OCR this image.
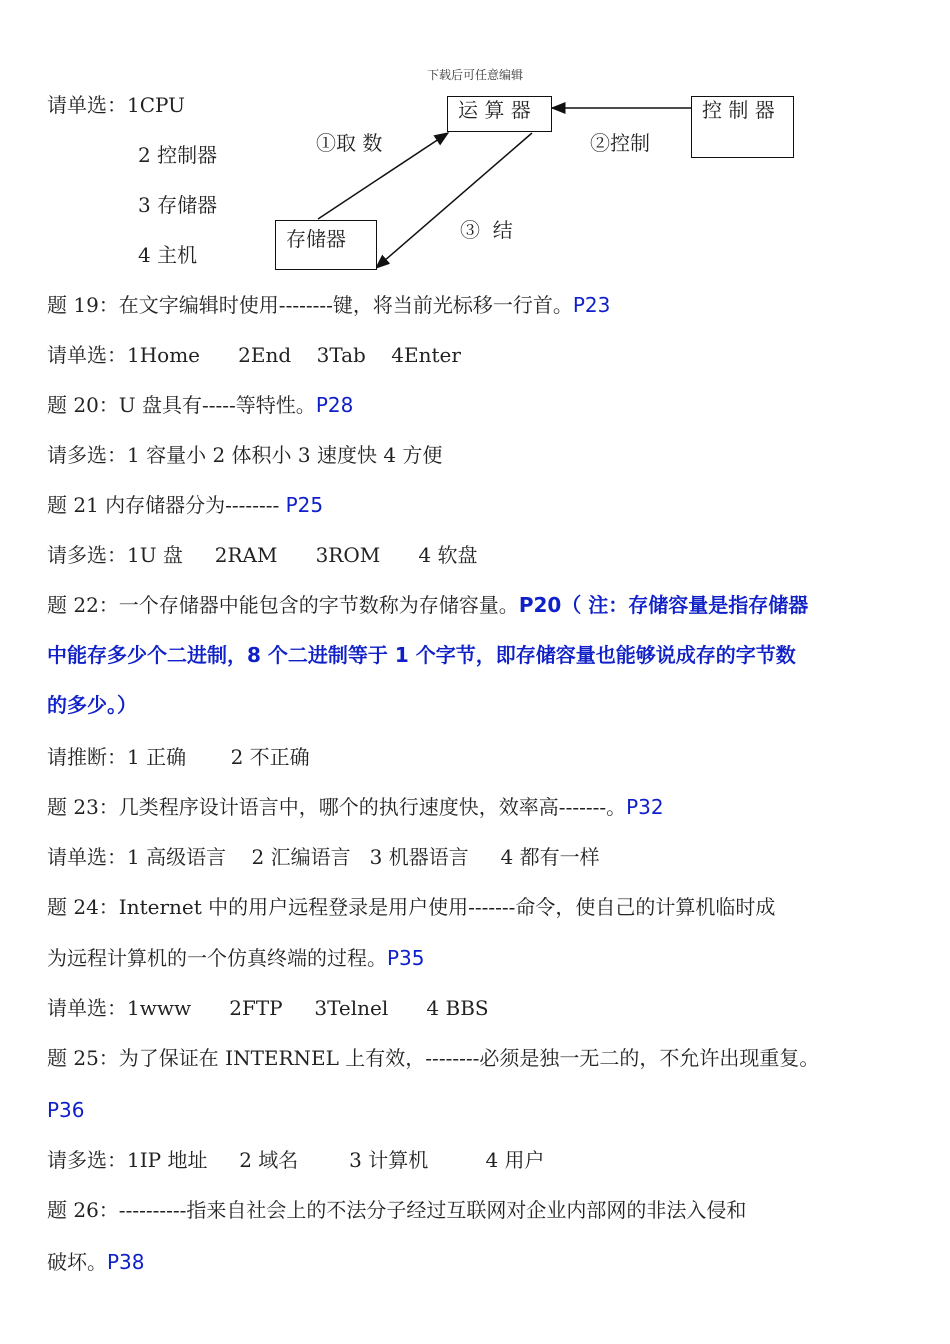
下载后可任意编辑
请单选：1CPU
2 控制器
3 存储器
4 主机
运 算 器	控 制 器
存储器
①取 数	②控制
③  结
题 19：在文字编辑时使用--------键，将当前光标移一行首。P23
请单选：1Home      2End    3Tab    4Enter
题 20：U 盘具有-----等特性。P28
请多选：1 容量小 2 体积小 3 速度快 4 方便
题 21 内存储器分为-------- P25
请多选：1U 盘     2RAM      3ROM      4 软盘
题 22：一个存储器中能包含的字节数称为存储容量。P20（ 注：存储容量是指存储器
中能存多少个二进制，8 个二进制等于 1 个字节，即存储容量也能够说成存的字节数
的多少。）
请推断：1 正确       2 不正确
题 23：几类程序设计语言中，哪个的执行速度快，效率高-------。P32
请单选：1 高级语言    2 汇编语言   3 机器语言     4 都有一样
题 24：Internet 中的用户远程登录是用户使用-------命令，使自己的计算机临时成
为远程计算机的一个仿真终端的过程。P35
请单选：1www      2FTP     3Telnel      4 BBS
题 25：为了保证在 INTERNEL 上有效，--------必须是独一无二的，不允许出现重复。
P36
请多选：1IP 地址     2 域名        3 计算机         4 用户
题 26：----------指来自社会上的不法分子经过互联网对企业内部网的非法入侵和
破坏。P38
